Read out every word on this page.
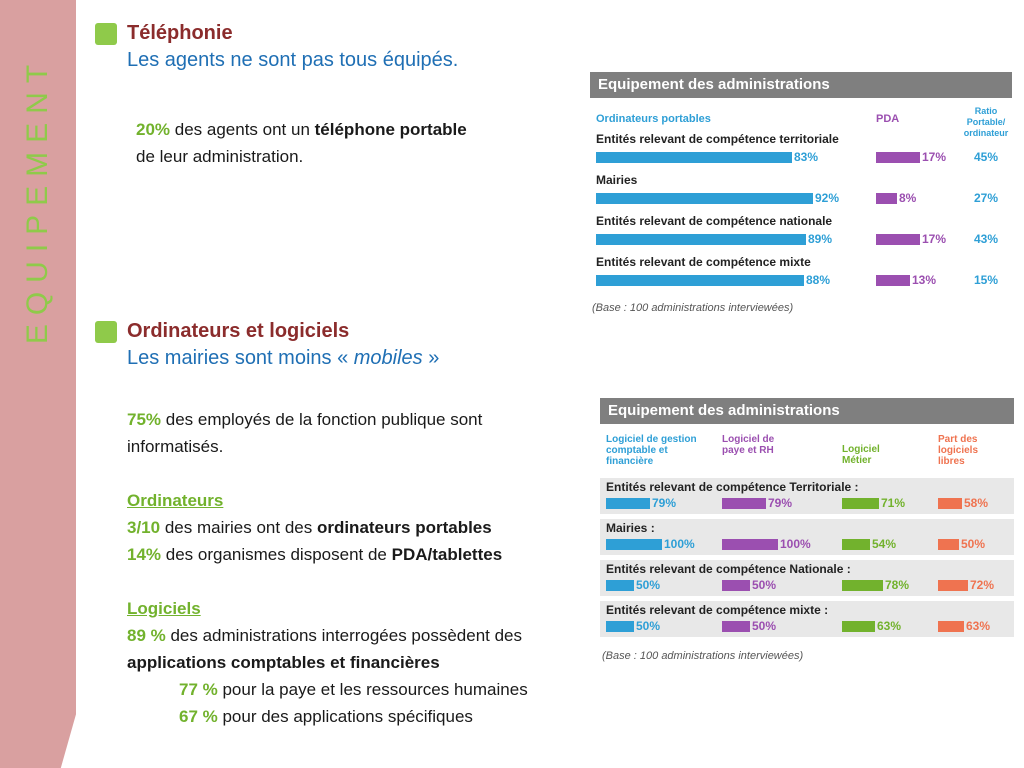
EQUIPEMENT
Téléphonie
Les agents ne sont pas tous équipés.
20% des agents ont un téléphone portable
de leur administration.
Ordinateurs et logiciels
Les mairies sont moins « mobiles »
75% des employés de la fonction publique sont
informatisés.
Ordinateurs
3/10 des mairies ont des ordinateurs portables
14% des organismes disposent de PDA/tablettes
Logiciels
89 % des administrations interrogées possèdent des
applications comptables et financières
77 % pour la paye et les ressources humaines
67 % pour des applications spécifiques
Equipement des administrations
Ordinateurs portables	PDA
Ratio Portable/ ordinateur
Entités relevant de compétence territoriale
83%	17% 45%
Mairies
92%	8%	27%
Entités relevant de compétence nationale
89%	17% 43%
Entités relevant de compétence mixte
88%	13%	15%
(Base : 100 administrations interviewées)
Equipement des administrations
Logiciel de gestion comptable et financière
Logiciel de paye et RH	Logiciel Métier
Part des logiciels libres
Entités relevant de compétence Territoriale :
79%	79%	71%	58%
Mairies :
100%	100%	54%	50%
Entités relevant de compétence Nationale :
50%	50%	78%	72%
Entités relevant de compétence mixte :
50%	50%	63%	63%
(Base : 100 administrations interviewées)
